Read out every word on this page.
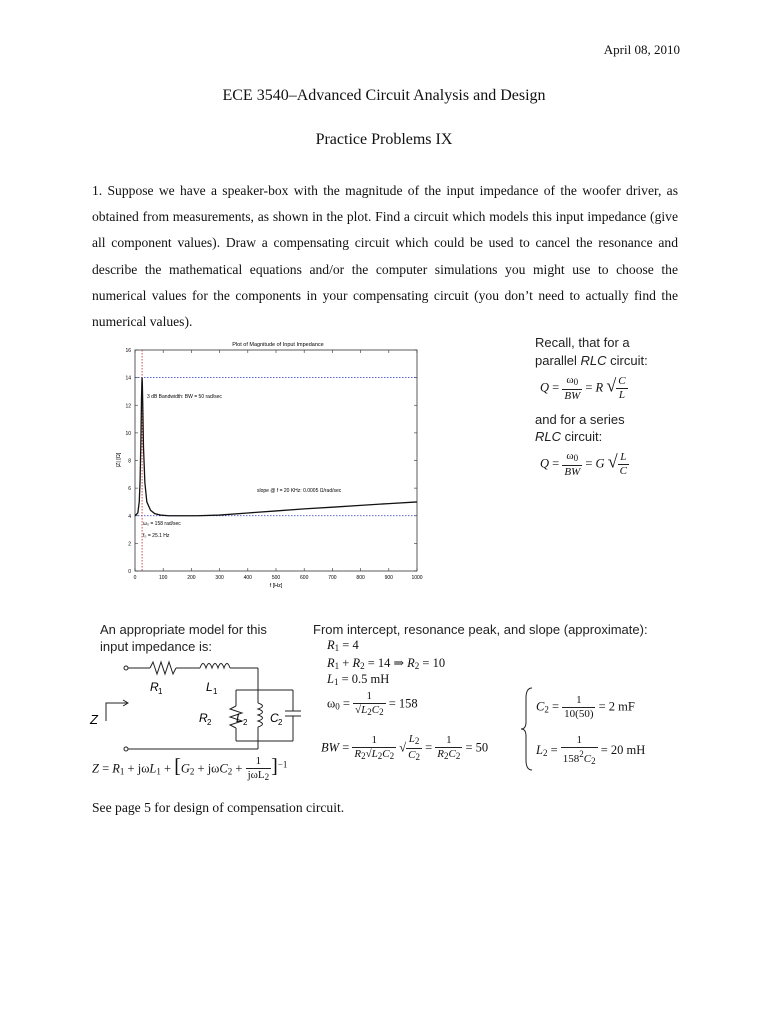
April 08, 2010
ECE 3540–Advanced Circuit Analysis and Design
Practice Problems IX
1. Suppose we have a speaker-box with the magnitude of the input impedance of the woofer driver, as obtained from measurements, as shown in the plot. Find a circuit which models this input impedance (give all component values). Draw a compensating circuit which could be used to cancel the resonance and describe the mathematical equations and/or the computer simulations you might use to choose the numerical values for the components in your compensating circuit (you don’t need to actually find the numerical values).
Recall, that for a
parallel RLC circuit:
$Q = \frac{\omega_0}{BW} = R$ √ $\frac{C}{L}$
and for a series
RLC circuit:
$Q = \frac{\omega_0}{BW} = G$ √ $\frac{L}{C}$
Plot of Magnitude of Input Impedance
0
2
4
6
8
10
12
14
16
0	100	200	300	400	500	600	700	800	900	1000
3 dB Bandwidth: BW = 50 rad/sec
slope @ f = 20 KHz: 0.0005 Ω/rad/sec
ω₀ = 158 rad/sec
f₀ = 25.1 Hz
f [Hz]
|Z| [Ω]
An appropriate model for this
input impedance is:
R 1	L 1
R 2 L 2 C 2
Z
$Z = R_1 + j\omega L_1 + [G_2 + j\omega C_2 + \frac{1}{j\omega L_2} ]^{-1}$
From intercept, resonance peak, and slope (approximate):
$R_1 = 4$
$R_1 + R_2 = 14$ ⇒ $R_2 = 10$
$L_1 = 0.5$ mH
$\omega_0 = \frac{1}{√L_2C_2} = 158$
BW = $\frac{1}{R_2√L_2C_2}$ √ $\frac{L_2}{C_2} = \frac{1}{R_2C_2} = 50$
$C_2 = \frac{1}{10(50)} = 2$ mF
$L_2 = \frac{1}{158^2C_2} = 20$ mH
See page 5 for design of compensation circuit.
